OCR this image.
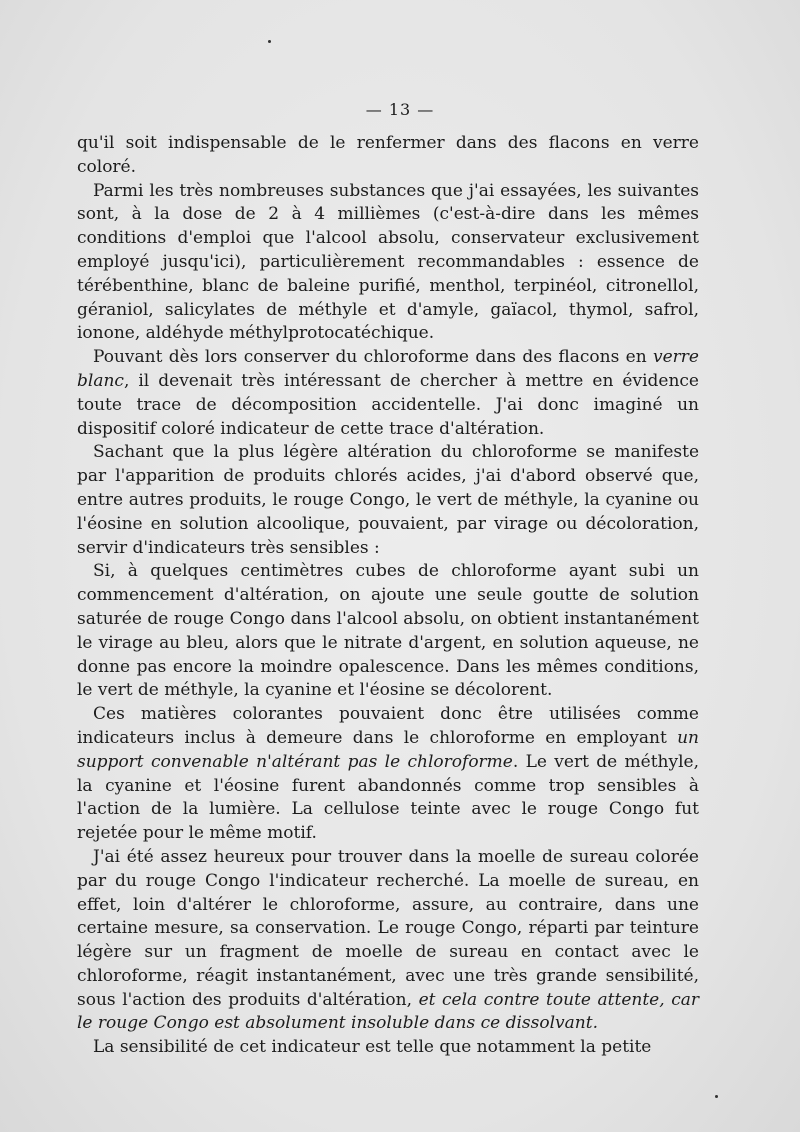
— 13 —

qu'il soit indispensable de le renfermer dans des flacons en verre coloré.

Parmi les très nombreuses substances que j'ai essayées, les suivantes sont, à la dose de 2 à 4 millièmes (c'est-à-dire dans les mêmes conditions d'emploi que l'alcool absolu, conservateur exclusivement employé jusqu'ici), particulièrement recommandables : essence de térébenthine, blanc de baleine purifié, menthol, terpinéol, citronellol, géraniol, salicylates de méthyle et d'amyle, gaïacol, thymol, safrol, ionone, aldéhyde méthylprotocatéchique.

Pouvant dès lors conserver du chloroforme dans des flacons en verre blanc, il devenait très intéressant de chercher à mettre en évidence toute trace de décomposition accidentelle. J'ai donc imaginé un dispositif coloré indicateur de cette trace d'altération.

Sachant que la plus légère altération du chloroforme se manifeste par l'apparition de produits chlorés acides, j'ai d'abord observé que, entre autres produits, le rouge Congo, le vert de méthyle, la cyanine ou l'éosine en solution alcoolique, pouvaient, par virage ou décoloration, servir d'indicateurs très sensibles :

Si, à quelques centimètres cubes de chloroforme ayant subi un commencement d'altération, on ajoute une seule goutte de solution saturée de rouge Congo dans l'alcool absolu, on obtient instantanément le virage au bleu, alors que le nitrate d'argent, en solution aqueuse, ne donne pas encore la moindre opalescence. Dans les mêmes conditions, le vert de méthyle, la cyanine et l'éosine se décolorent.

Ces matières colorantes pouvaient donc être utilisées comme indicateurs inclus à demeure dans le chloroforme en employant un support convenable n'altérant pas le chloroforme. Le vert de méthyle, la cyanine et l'éosine furent abandonnés comme trop sensibles à l'action de la lumière. La cellulose teinte avec le rouge Congo fut rejetée pour le même motif.

J'ai été assez heureux pour trouver dans la moelle de sureau colorée par du rouge Congo l'indicateur recherché. La moelle de sureau, en effet, loin d'altérer le chloroforme, assure, au contraire, dans une certaine mesure, sa conservation. Le rouge Congo, réparti par teinture légère sur un fragment de moelle de sureau en contact avec le chloroforme, réagit instantanément, avec une très grande sensibilité, sous l'action des produits d'altération, et cela contre toute attente, car le rouge Congo est absolument insoluble dans ce dissolvant.

La sensibilité de cet indicateur est telle que notamment la petite
